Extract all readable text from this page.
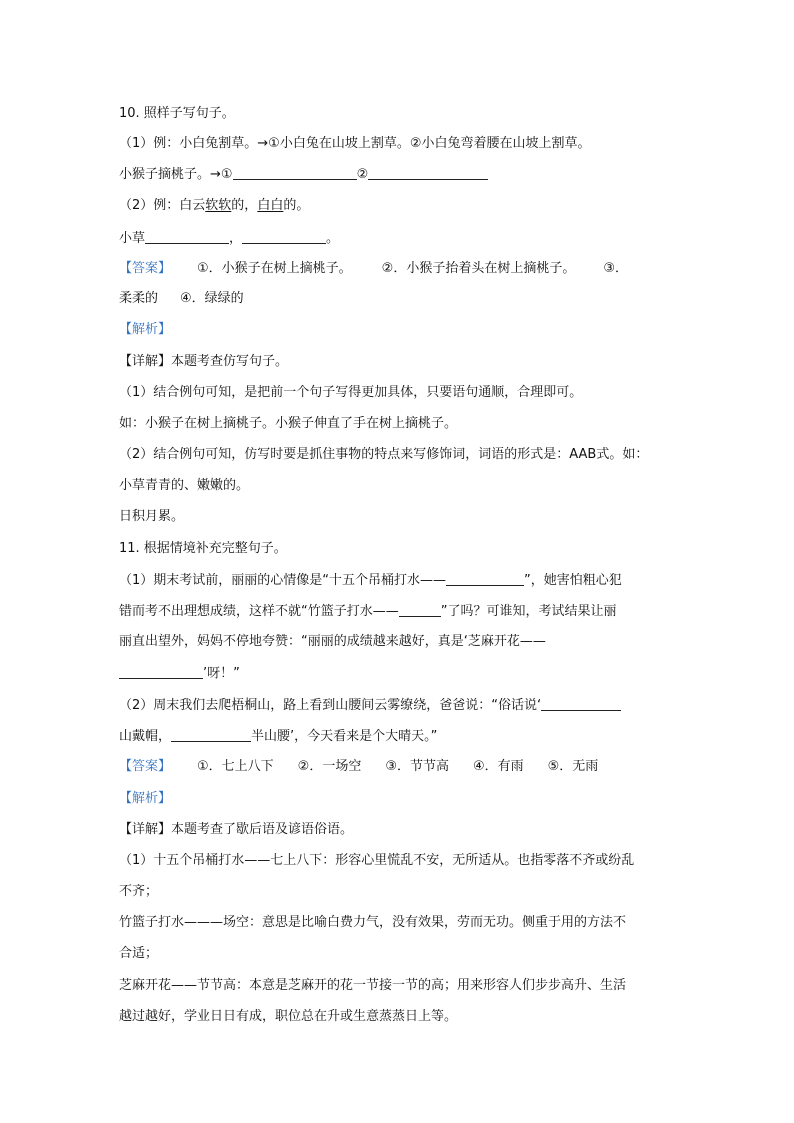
10. 照样子写句子。
（1）例：小白兔割草。→①小白兔在山坡上割草。②小白兔弯着腰在山坡上割草。
小猴子摘桃子。→①	②
（2）例：白云软软的，白白的。
小草	，	。
【答案】 ①．小猴子在树上摘桃子。 ②．小猴子抬着头在树上摘桃子。 ③．
柔柔的 ④．绿绿的
【解析】
【详解】本题考查仿写句子。
（1）结合例句可知，是把前一个句子写得更加具体，只要语句通顺，合理即可。
如：小猴子在树上摘桃子。小猴子伸直了手在树上摘桃子。
（2）结合例句可知，仿写时要是抓住事物的特点来写修饰词，词语的形式是：AAB式。如：
小草青青的、嫩嫩的。
日积月累。
11. 根据情境补充完整句子。
（1）期末考试前，丽丽的心情像是“十五个吊桶打水——	”，她害怕粗心犯
错而考不出理想成绩，这样不就“竹篮子打水——	”了吗？可谁知，考试结果让丽
丽直出望外，妈妈不停地夸赞：“丽丽的成绩越来越好，真是‘芝麻开花——
’呀！”
（2）周末我们去爬梧桐山，路上看到山腰间云雾缭绕，爸爸说：“俗话说‘
山戴帽，	半山腰’，今天看来是个大晴天。”
【答案】 ①．七上八下 ②．一场空 ③．节节高 ④．有雨 ⑤．无雨
【解析】
【详解】本题考查了歇后语及谚语俗语。
（1）十五个吊桶打水——七上八下：形容心里慌乱不安，无所适从。也指零落不齐或纷乱
不齐；
竹篮子打水———场空：意思是比喻白费力气，没有效果，劳而无功。侧重于用的方法不
合适；
芝麻开花——节节高：本意是芝麻开的花一节接一节的高；用来形容人们步步高升、生活
越过越好，学业日日有成，职位总在升或生意蒸蒸日上等。
